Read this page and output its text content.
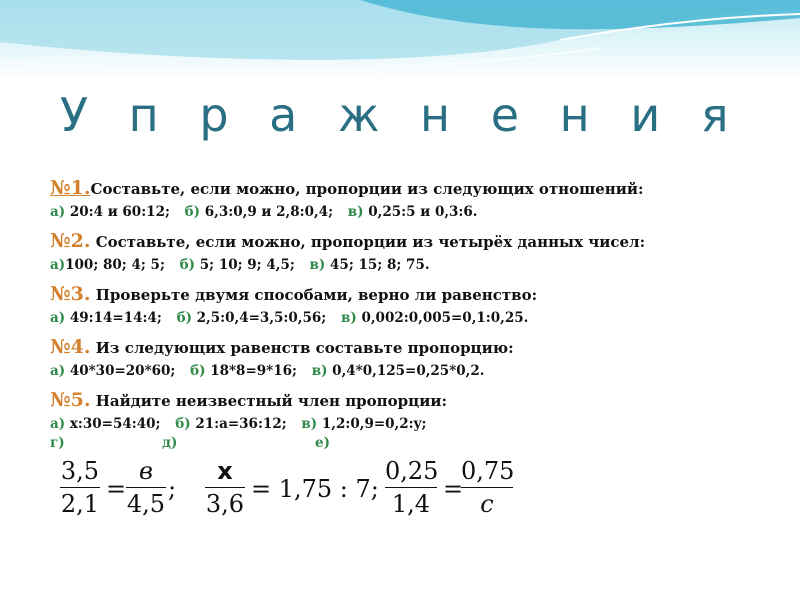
У п р а ж н е н и я
№1.Составьте, если можно, пропорции из следующих отношений:
а) 20:4 и 60:12; б) 6,3:0,9 и 2,8:0,4; в) 0,25:5 и 0,3:6.
№2. Составьте, если можно, пропорции из четырёх данных чисел:
а)100; 80; 4; 5; б) 5; 10; 9; 4,5; в) 45; 15; 8; 75.
№3. Проверьте двумя способами, верно ли равенство:
а) 49:14=14:4; б) 2,5:0,4=3,5:0,56; в) 0,002:0,005=0,1:0,25.
№4. Из следующих равенств составьте пропорцию:
а) 40*30=20*60; б) 18*8=9*16; в) 0,4*0,125=0,25*0,2.
№5. Найдите неизвестный член пропорции:
а) x:30=54:40; б) 21:a=36:12; в) 1,2:0,9=0,2:y;
г)	д)	е)
3,5
2,1
=
в
4,5
;
x
3,6
= 1,75 : 7;
0,25
1,4
=
0,75
c
